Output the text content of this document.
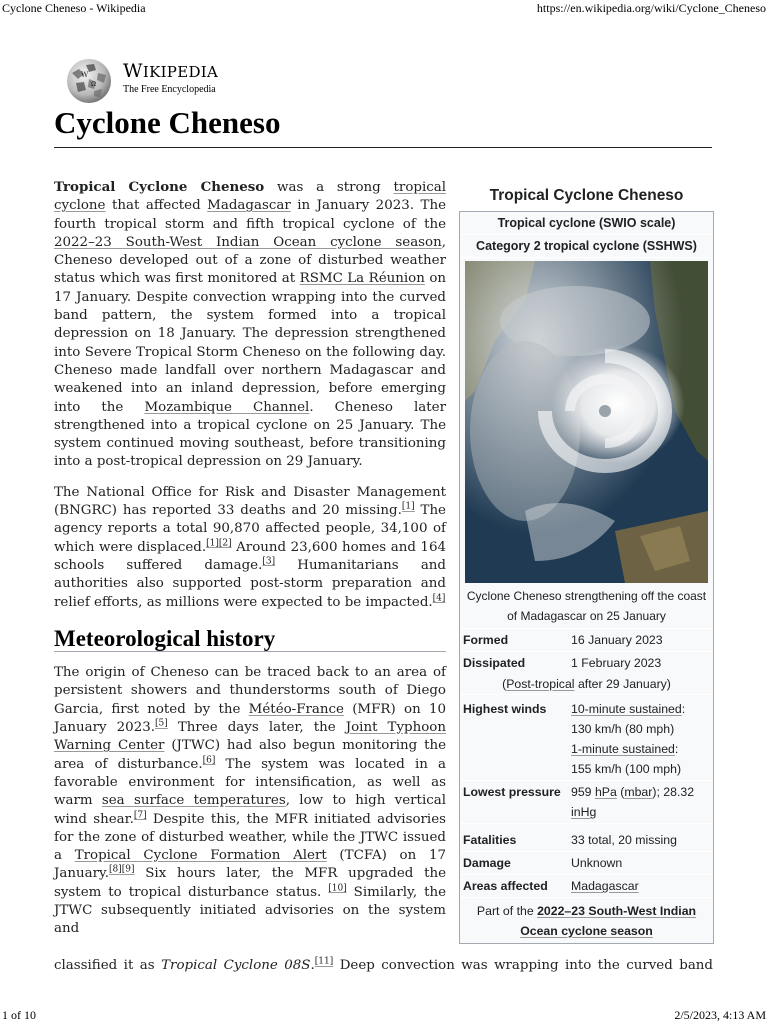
Cyclone Cheneso - Wikipedia	https://en.wikipedia.org/wiki/Cyclone_Cheneso
W
Ω
WIKIPEDIA
The Free Encyclopedia
Cyclone Cheneso

Tropical Cyclone Cheneso was a strong tropical cyclone that affected Madagascar in January 2023. The fourth tropical storm and fifth tropical cyclone of the 2022–23 South-West Indian Ocean cyclone season, Cheneso developed out of a zone of disturbed weather status which was first monitored at RSMC La Réunion on 17 January. Despite convection wrapping into the curved band pattern, the system formed into a tropical depression on 18 January. The depression strengthened into Severe Tropical Storm Cheneso on the following day. Cheneso made landfall over northern Madagascar and weakened into an inland depression, before emerging into the Mozambique Channel. Cheneso later strengthened into a tropical cyclone on 25 January. The system continued moving southeast, before transitioning into a post-tropical depression on 29 January.

The National Office for Risk and Disaster Management (BNGRC) has reported 33 deaths and 20 missing.[1] The agency reports a total 90,870 affected people, 34,100 of which were displaced.[1][2] Around 23,600 homes and 164 schools suffered damage.[3] Humanitarians and authorities also supported post-storm preparation and relief efforts, as millions were expected to be impacted.[4]

Meteorological history

The origin of Cheneso can be traced back to an area of persistent showers and thunderstorms south of Diego Garcia, first noted by the Météo-France (MFR) on 10 January 2023.[5] Three days later, the Joint Typhoon Warning Center (JTWC) had also begun monitoring the area of disturbance.[6] The system was located in a favorable environment for intensification, as well as warm sea surface temperatures, low to high vertical wind shear.[7] Despite this, the MFR initiated advisories for the zone of disturbed weather, while the JTWC issued a Tropical Cyclone Formation Alert (TCFA) on 17 January.[8][9] Six hours later, the MFR upgraded the system to tropical disturbance status. [10] Similarly, the JTWC subsequently initiated advisories on the system and

classified it as Tropical Cyclone 08S.[11] Deep convection was wrapping into the curved band
Tropical Cyclone Cheneso
Tropical cyclone (SWIO scale)
Category 2 tropical cyclone (SSHWS)
Cyclone Cheneso strengthening off the coast of Madagascar on 25 January
Formed	16 January 2023
Dissipated	1 February 2023
(Post-tropical after 29 January)
Highest winds	10-minute sustained:
130 km/h (80 mph)
1-minute sustained:
155 km/h (100 mph)
Lowest pressure 959 hPa (mbar); 28.32 inHg
Fatalities	33 total, 20 missing
Damage	Unknown
Areas affected	Madagascar
Part of the 2022–23 South-West Indian Ocean cyclone season
1 of 10	2/5/2023, 4:13 AM
